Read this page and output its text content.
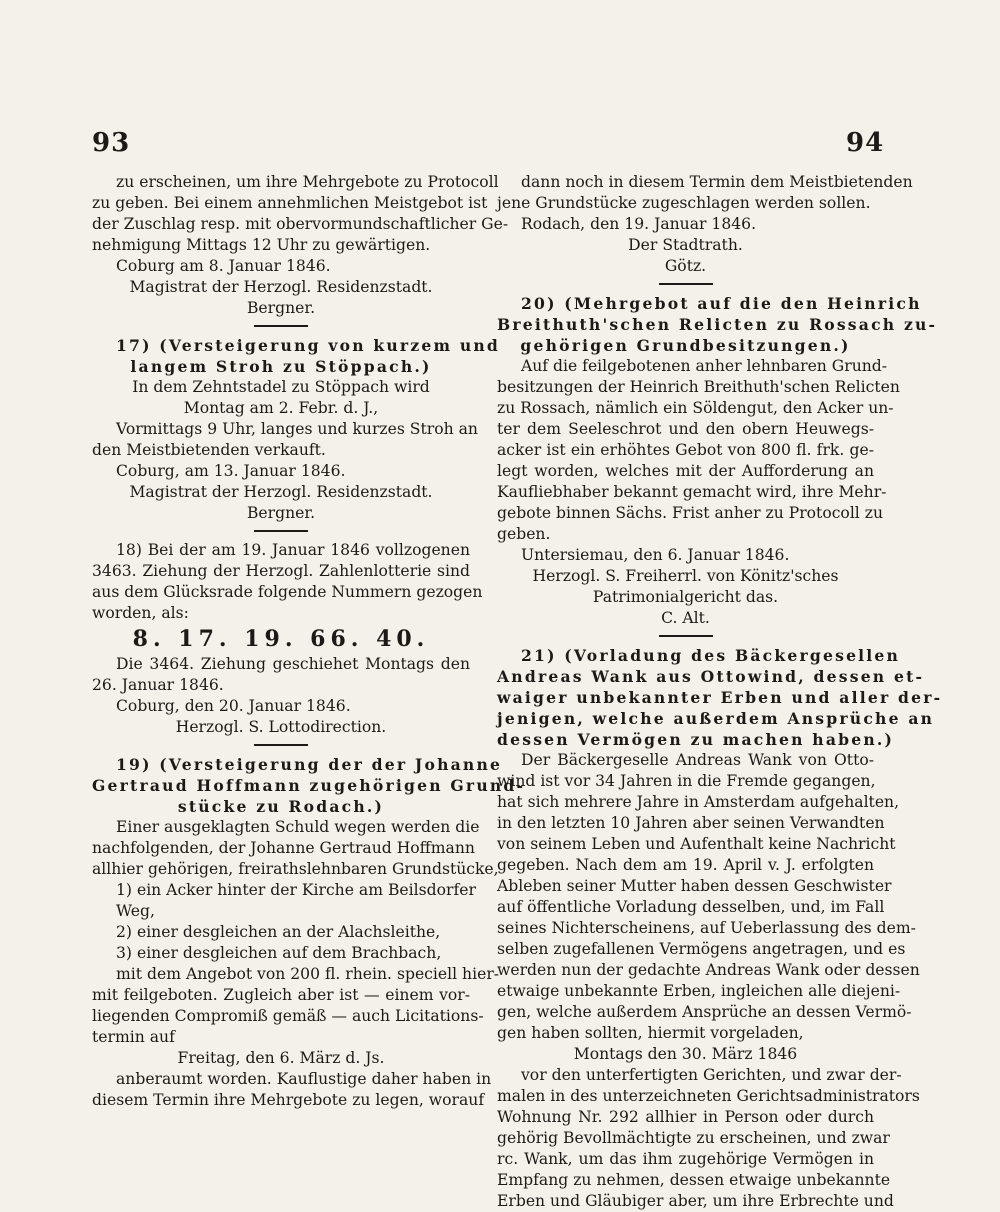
93	94
zu erscheinen, um ihre Mehrgebote zu Protocoll
zu geben. Bei einem annehmlichen Meistgebot ist
der Zuschlag resp. mit obervormundschaftlicher Ge-
nehmigung Mittags 12 Uhr zu gewärtigen.
Coburg am 8. Januar 1846.
Magistrat der Herzogl. Residenzstadt.
Bergner.
17) (Versteigerung von kurzem und
langem Stroh zu Stöppach.)
In dem Zehntstadel zu Stöppach wird
Montag am 2. Febr. d. J.,
Vormittags 9 Uhr, langes und kurzes Stroh an
den Meistbietenden verkauft.
Coburg, am 13. Januar 1846.
Magistrat der Herzogl. Residenzstadt.
Bergner.
18) Bei der am 19. Januar 1846 vollzogenen
3463. Ziehung der Herzogl. Zahlenlotterie sind
aus dem Glücksrade folgende Nummern gezogen
worden, als:
8. 17. 19. 66. 40.
Die 3464. Ziehung geschiehet Montags den
26. Januar 1846.
Coburg, den 20. Januar 1846.
Herzogl. S. Lottodirection.
19) (Versteigerung der der Johanne
Gertraud Hoffmann zugehörigen Grund-
stücke zu Rodach.)
Einer ausgeklagten Schuld wegen werden die
nachfolgenden, der Johanne Gertraud Hoffmann
allhier gehörigen, freirathslehnbaren Grundstücke,
1) ein Acker hinter der Kirche am Beilsdorfer
Weg,
2) einer desgleichen an der Alachsleithe,
3) einer desgleichen auf dem Brachbach,
mit dem Angebot von 200 fl. rhein. speciell hier-
mit feilgeboten. Zugleich aber ist — einem vor-
liegenden Compromiß gemäß — auch Licitations-
termin auf
Freitag, den 6. März d. Js.
anberaumt worden. Kauflustige daher haben in
diesem Termin ihre Mehrgebote zu legen, worauf
dann noch in diesem Termin dem Meistbietenden
jene Grundstücke zugeschlagen werden sollen.
Rodach, den 19. Januar 1846.
Der Stadtrath.
Götz.
20) (Mehrgebot auf die den Heinrich
Breithuth'schen Relicten zu Rossach zu-
gehörigen Grundbesitzungen.)
Auf die feilgebotenen anher lehnbaren Grund-
besitzungen der Heinrich Breithuth'schen Relicten
zu Rossach, nämlich ein Söldengut, den Acker un-
ter dem Seeleschrot und den obern Heuwegs-
acker ist ein erhöhtes Gebot von 800 fl. frk. ge-
legt worden, welches mit der Aufforderung an
Kaufliebhaber bekannt gemacht wird, ihre Mehr-
gebote binnen Sächs. Frist anher zu Protocoll zu
geben.
Untersiemau, den 6. Januar 1846.
Herzogl. S. Freiherrl. von Könitz'sches
Patrimonialgericht das.
C. Alt.
21) (Vorladung des Bäckergesellen
Andreas Wank aus Ottowind, dessen et-
waiger unbekannter Erben und aller der-
jenigen, welche außerdem Ansprüche an
dessen Vermögen zu machen haben.)
Der Bäckergeselle Andreas Wank von Otto-
wind ist vor 34 Jahren in die Fremde gegangen,
hat sich mehrere Jahre in Amsterdam aufgehalten,
in den letzten 10 Jahren aber seinen Verwandten
von seinem Leben und Aufenthalt keine Nachricht
gegeben. Nach dem am 19. April v. J. erfolgten
Ableben seiner Mutter haben dessen Geschwister
auf öffentliche Vorladung desselben, und, im Fall
seines Nichterscheinens, auf Ueberlassung des dem-
selben zugefallenen Vermögens angetragen, und es
werden nun der gedachte Andreas Wank oder dessen
etwaige unbekannte Erben, ingleichen alle diejeni-
gen, welche außerdem Ansprüche an dessen Vermö-
gen haben sollten, hiermit vorgeladen,
Montags den 30. März 1846
vor den unterfertigten Gerichten, und zwar der-
malen in des unterzeichneten Gerichtsadministrators
Wohnung Nr. 292 allhier in Person oder durch
gehörig Bevollmächtigte zu erscheinen, und zwar
rc. Wank, um das ihm zugehörige Vermögen in
Empfang zu nehmen, dessen etwaige unbekannte
Erben und Gläubiger aber, um ihre Erbrechte und
